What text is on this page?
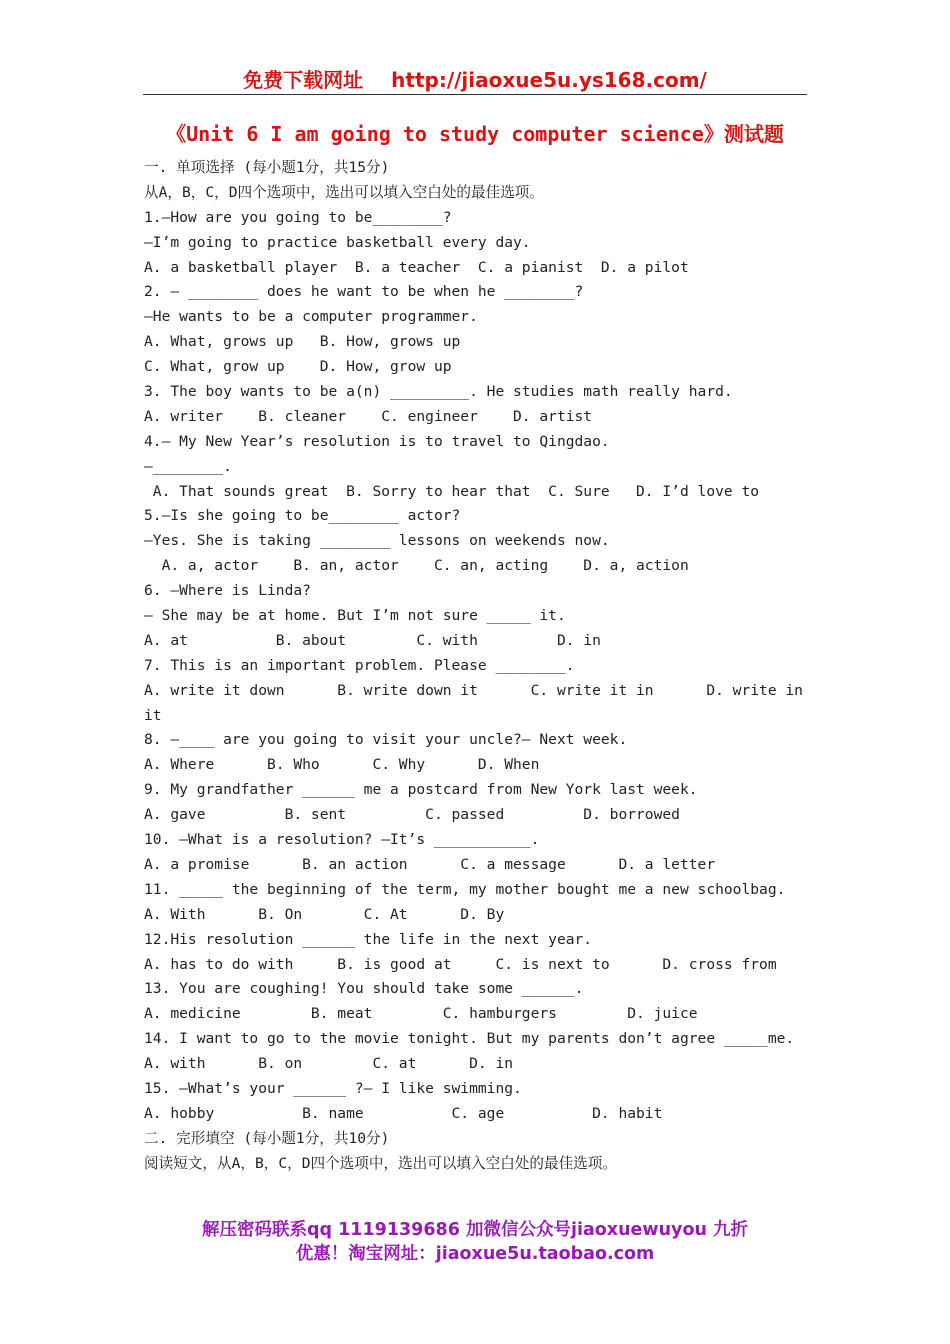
免费下载网址 http://jiaoxue5u.ys168.com/
《Unit 6 I am going to study computer science》测试题
一. 单项选择 (每小题1分，共15分)
从A，B，C，D四个选项中，选出可以填入空白处的最佳选项。
1.—How are you going to be________?
—I’m going to practice basketball every day.
A. a basketball player  B. a teacher  C. a pianist  D. a pilot
2. — ________ does he want to be when he ________?
—He wants to be a computer programmer.
A. What, grows up   B. How, grows up
C. What, grow up    D. How, grow up
3. The boy wants to be a(n) _________. He studies math really hard.
A. writer    B. cleaner    C. engineer    D. artist
4.— My New Year’s resolution is to travel to Qingdao.
—________.
A. That sounds great  B. Sorry to hear that  C. Sure   D. I’d love to
5.—Is she going to be________ actor?
—Yes. She is taking ________ lessons on weekends now.
A. a, actor    B. an, actor    C. an, acting    D. a, action
6. —Where is Linda?
— She may be at home. But I’m not sure _____ it.
A. at          B. about        C. with         D. in
7. This is an important problem. Please ________.
A. write it down      B. write down it      C. write it in      D. write in
it
8. —____ are you going to visit your uncle?— Next week.
A. Where      B. Who      C. Why      D. When
9. My grandfather ______ me a postcard from New York last week.
A. gave         B. sent         C. passed         D. borrowed
10. —What is a resolution? —It’s ___________.
A. a promise      B. an action      C. a message      D. a letter
11. _____ the beginning of the term, my mother bought me a new schoolbag.
A. With      B. On       C. At      D. By
12.His resolution ______ the life in the next year.
A. has to do with     B. is good at     C. is next to      D. cross from
13. You are coughing! You should take some ______.
A. medicine        B. meat        C. hamburgers        D. juice
14. I want to go to the movie tonight. But my parents don’t agree _____me.
A. with      B. on        C. at      D. in
15. —What’s your ______ ?— I like swimming.
A. hobby          B. name          C. age          D. habit
二. 完形填空 (每小题1分，共10分)
阅读短文，从A，B，C，D四个选项中，选出可以填入空白处的最佳选项。
解压密码联系qq 1119139686 加微信公众号jiaoxuewuyou 九折
优惠！淘宝网址：jiaoxue5u.taobao.com
